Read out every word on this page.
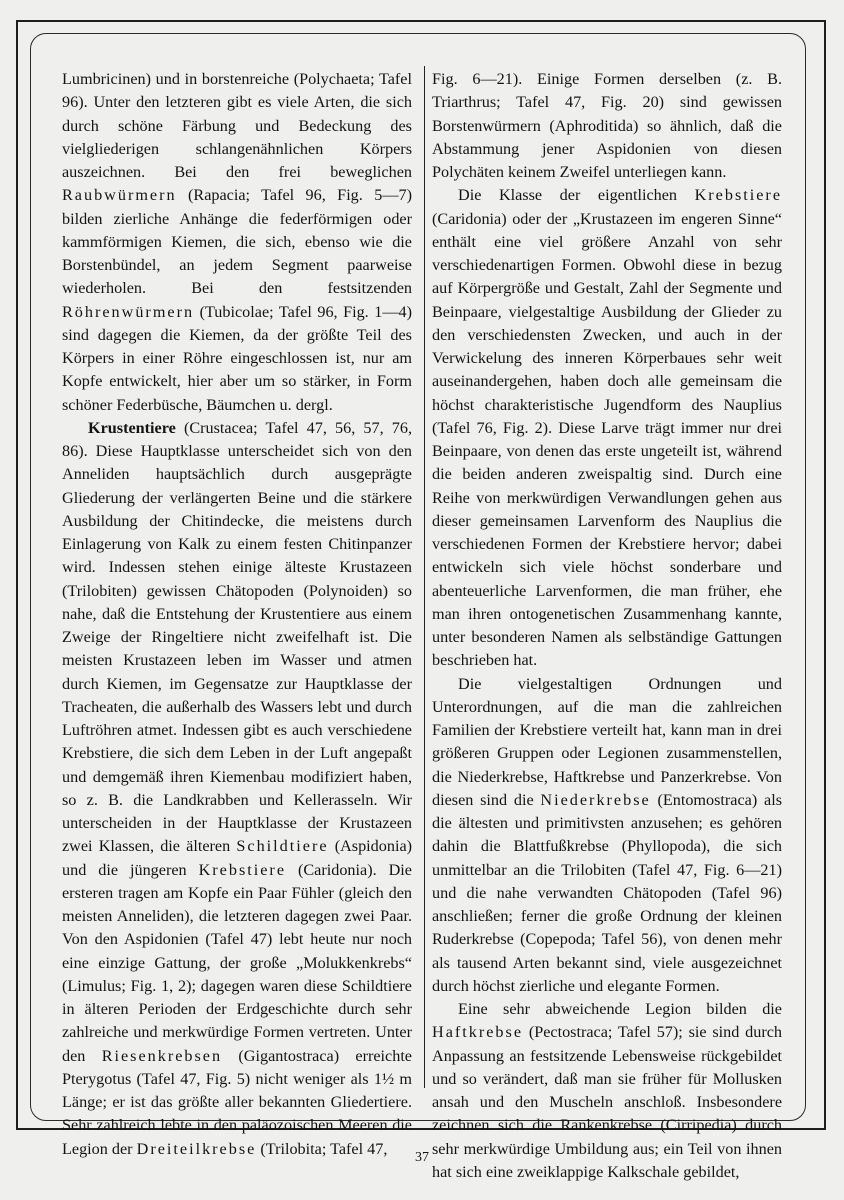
Lumbricinen) und in borstenreiche (Polychaeta; Tafel 96). Unter den letzteren gibt es viele Arten, die sich durch schöne Färbung und Bedeckung des vielgliederigen schlangenähnlichen Körpers auszeichnen. Bei den frei beweglichen Raubwürmern (Rapacia; Tafel 96, Fig. 5—7) bilden zierliche Anhänge die federförmigen oder kammförmigen Kiemen, die sich, ebenso wie die Borstenbündel, an jedem Segment paarweise wiederholen. Bei den festsitzenden Röhrenwürmern (Tubicolae; Tafel 96, Fig. 1—4) sind dagegen die Kiemen, da der größte Teil des Körpers in einer Röhre eingeschlossen ist, nur am Kopfe entwickelt, hier aber um so stärker, in Form schöner Federbüsche, Bäumchen u. dergl.

Krustentiere (Crustacea; Tafel 47, 56, 57, 76, 86). Diese Hauptklasse unterscheidet sich von den Anneliden hauptsächlich durch ausgeprägte Gliederung der verlängerten Beine und die stärkere Ausbildung der Chitindecke, die meistens durch Einlagerung von Kalk zu einem festen Chitinpanzer wird. Indessen stehen einige älteste Krustazeen (Trilobiten) gewissen Chätopoden (Polynoiden) so nahe, daß die Entstehung der Krustentiere aus einem Zweige der Ringeltiere nicht zweifelhaft ist. Die meisten Krustazeen leben im Wasser und atmen durch Kiemen, im Gegensatze zur Hauptklasse der Tracheaten, die außerhalb des Wassers lebt und durch Luftröhren atmet. Indessen gibt es auch verschiedene Krebstiere, die sich dem Leben in der Luft angepaßt und demgemäß ihren Kiemenbau modifiziert haben, so z. B. die Landkrabben und Kellerasseln. Wir unterscheiden in der Hauptklasse der Krustazeen zwei Klassen, die älteren Schildtiere (Aspidonia) und die jüngeren Krebstiere (Caridonia). Die ersteren tragen am Kopfe ein Paar Fühler (gleich den meisten Anneliden), die letzteren dagegen zwei Paar. Von den Aspidonien (Tafel 47) lebt heute nur noch eine einzige Gattung, der große „Molukkenkrebs“ (Limulus; Fig. 1, 2); dagegen waren diese Schildtiere in älteren Perioden der Erdgeschichte durch sehr zahlreiche und merkwürdige Formen vertreten. Unter den Riesenkrebsen (Gigantostraca) erreichte Pterygotus (Tafel 47, Fig. 5) nicht weniger als 1½ m Länge; er ist das größte aller bekannten Gliedertiere. Sehr zahlreich lebte in den paläozoischen Meeren die Legion der Dreiteilkrebse (Trilobita; Tafel 47,

Fig. 6—21). Einige Formen derselben (z. B. Triarthrus; Tafel 47, Fig. 20) sind gewissen Borstenwürmern (Aphroditida) so ähnlich, daß die Abstammung jener Aspidonien von diesen Polychäten keinem Zweifel unterliegen kann.

Die Klasse der eigentlichen Krebstiere (Caridonia) oder der „Krustazeen im engeren Sinne“ enthält eine viel größere Anzahl von sehr verschiedenartigen Formen. Obwohl diese in bezug auf Körpergröße und Gestalt, Zahl der Segmente und Beinpaare, vielgestaltige Ausbildung der Glieder zu den verschiedensten Zwecken, und auch in der Verwickelung des inneren Körperbaues sehr weit auseinandergehen, haben doch alle gemeinsam die höchst charakteristische Jugendform des Nauplius (Tafel 76, Fig. 2). Diese Larve trägt immer nur drei Beinpaare, von denen das erste ungeteilt ist, während die beiden anderen zweispaltig sind. Durch eine Reihe von merkwürdigen Verwandlungen gehen aus dieser gemeinsamen Larvenform des Nauplius die verschiedenen Formen der Krebstiere hervor; dabei entwickeln sich viele höchst sonderbare und abenteuerliche Larvenformen, die man früher, ehe man ihren ontogenetischen Zusammenhang kannte, unter besonderen Namen als selbständige Gattungen beschrieben hat.

Die vielgestaltigen Ordnungen und Unterordnungen, auf die man die zahlreichen Familien der Krebstiere verteilt hat, kann man in drei größeren Gruppen oder Legionen zusammenstellen, die Niederkrebse, Haftkrebse und Panzerkrebse. Von diesen sind die Niederkrebse (Entomostraca) als die ältesten und primitivsten anzusehen; es gehören dahin die Blattfußkrebse (Phyllopoda), die sich unmittelbar an die Trilobiten (Tafel 47, Fig. 6—21) und die nahe verwandten Chätopoden (Tafel 96) anschließen; ferner die große Ordnung der kleinen Ruderkrebse (Copepoda; Tafel 56), von denen mehr als tausend Arten bekannt sind, viele ausgezeichnet durch höchst zierliche und elegante Formen.

Eine sehr abweichende Legion bilden die Haftkrebse (Pectostraca; Tafel 57); sie sind durch Anpassung an festsitzende Lebensweise rückgebildet und so verändert, daß man sie früher für Mollusken ansah und den Muscheln anschloß. Insbesondere zeichnen sich die Rankenkrebse (Cirripedia) durch sehr merkwürdige Umbildung aus; ein Teil von ihnen hat sich eine zweiklappige Kalkschale gebildet,

37
